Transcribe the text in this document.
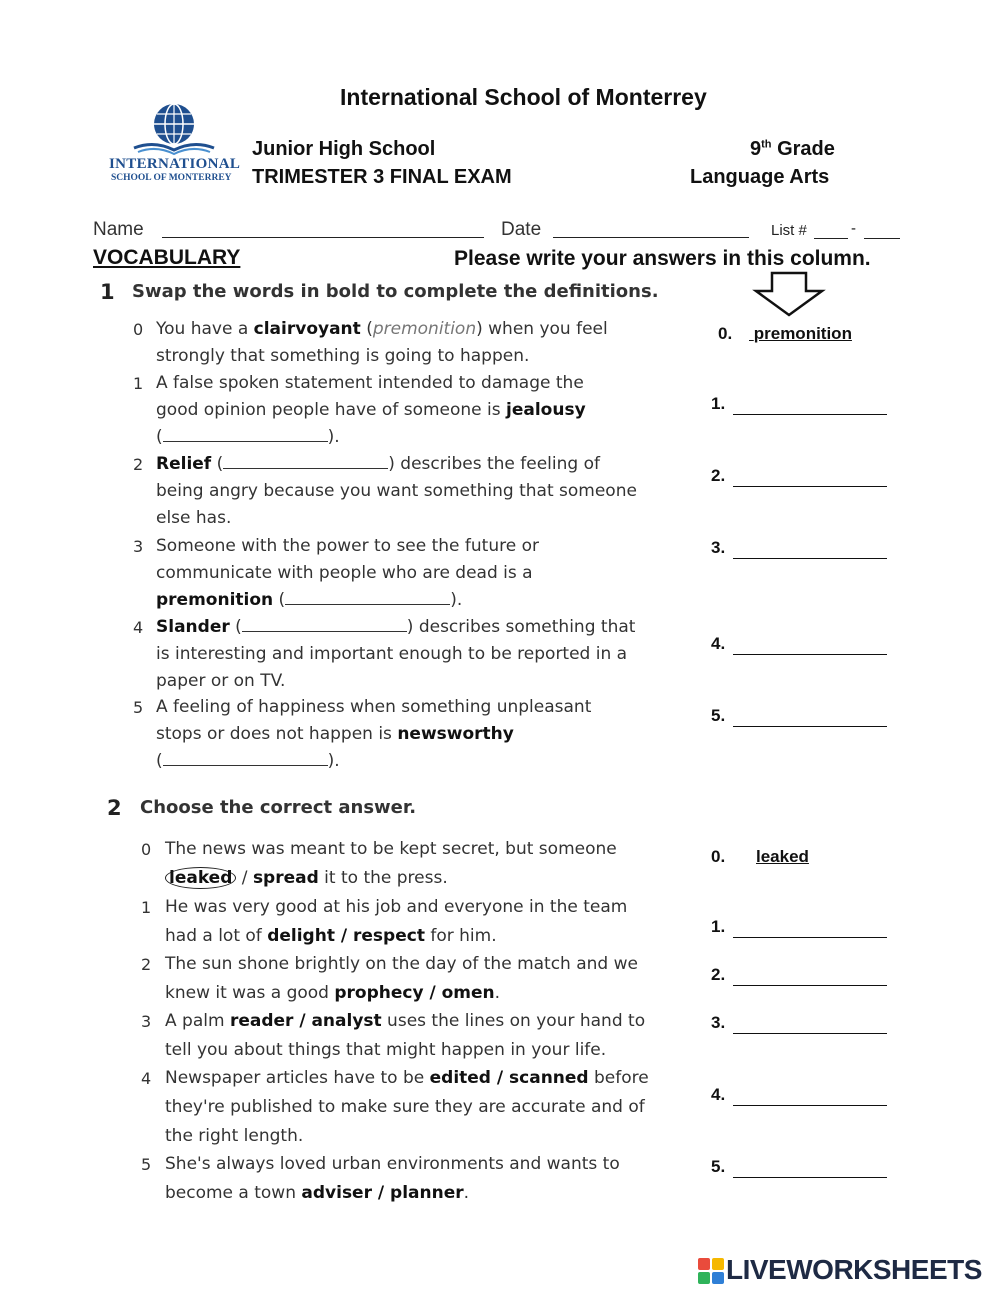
International School of Monterrey
INTERNATIONAL
SCHOOL OF MONTERREY
Junior High School
TRIMESTER 3 FINAL EXAM
9th Grade
Language Arts
Name	Date	List #	-
VOCABULARY	Please write your answers in this column.
1 Swap the words in bold to complete the definitions.
0 You have a clairvoyant (premonition) when you feel
strongly that something is going to happen.
1 A false spoken statement intended to damage the
good opinion people have of someone is jealousy
(	).
2 Relief (	) describes the feeling of
being angry because you want something that someone
else has.
3 Someone with the power to see the future or
communicate with people who are dead is a
premonition (	).
4 Slander (	) describes something that
is interesting and important enough to be reported in a
paper or on TV.
5 A feeling of happiness when something unpleasant
stops or does not happen is newsworthy
(	).
0. premonition
1.
2.
3.
4.
5.
2 Choose the correct answer.
0 The news was meant to be kept secret, but someone
leaked / spread it to the press.
1 He was very good at his job and everyone in the team
had a lot of delight / respect for him.
2 The sun shone brightly on the day of the match and we
knew it was a good prophecy / omen.
3 A palm reader / analyst uses the lines on your hand to
tell you about things that might happen in your life.
4 Newspaper articles have to be edited / scanned before
they're published to make sure they are accurate and of
the right length.
5 She's always loved urban environments and wants to
become a town adviser / planner.
0. leaked
1.
2.
3.
4.
5.
LIVEWORKSHEETS
